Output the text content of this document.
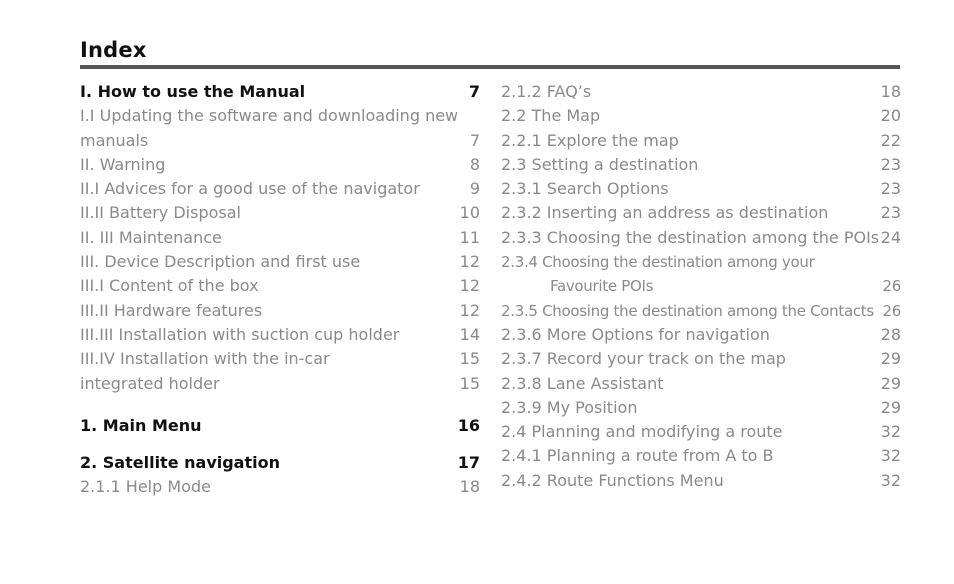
Index
I. How to use the Manual	7
I.I Updating the software and downloading new
manuals	7
II. Warning	8
II.I Advices for a good use of the navigator	9
II.II Battery Disposal	10
II. III Maintenance	11
III. Device Description and first use	12
III.I Content of the box	12
III.II Hardware features	12
III.III Installation with suction cup holder	14
III.IV Installation with the in-car	15
integrated holder	15
1. Main Menu	16
2. Satellite navigation	17
2.1.1 Help Mode	18
2.1.2 FAQ’s	18
2.2 The Map	20
2.2.1 Explore the map	22
2.3 Setting a destination	23
2.3.1 Search Options	23
2.3.2 Inserting an address as destination	23
2.3.3 Choosing the destination among the POIs 24
2.3.4 Choosing the destination among your
Favourite POIs	26
2.3.5 Choosing the destination among the Contacts 26
2.3.6 More Options for navigation	28
2.3.7 Record your track on the map	29
2.3.8 Lane Assistant	29
2.3.9 My Position	29
2.4 Planning and modifying a route	32
2.4.1 Planning a route from A to B	32
2.4.2 Route Functions Menu	32
